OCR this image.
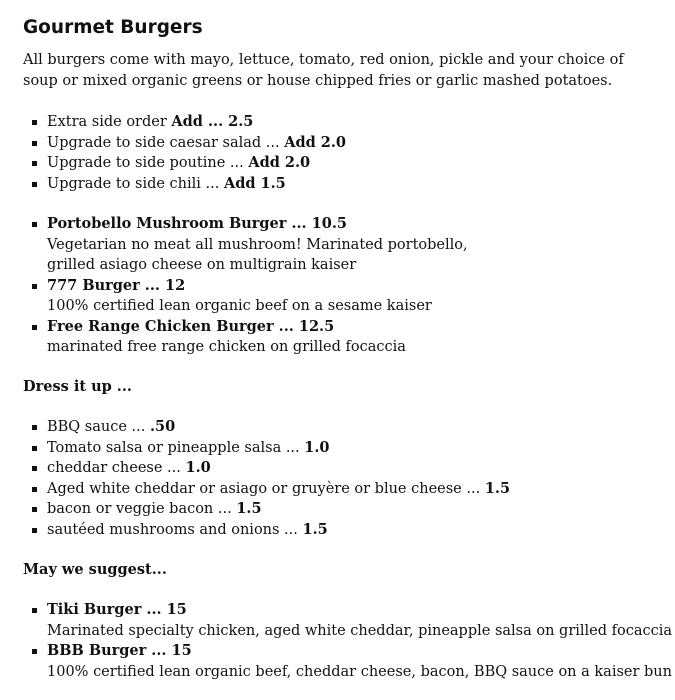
Gourmet Burgers

All burgers come with mayo, lettuce, tomato, red onion, pickle and your choice of soup or mixed organic greens or house chipped fries or garlic mashed potatoes.

Extra side order Add ... 2.5
Upgrade to side caesar salad ... Add 2.0
Upgrade to side poutine ... Add 2.0
Upgrade to side chili ... Add 1.5
Portobello Mushroom Burger ... 10.5
Vegetarian no meat all mushroom! Marinated portobello,
grilled asiago cheese on multigrain kaiser
777 Burger ... 12
100% certified lean organic beef on a sesame kaiser
Free Range Chicken Burger ... 12.5
marinated free range chicken on grilled focaccia
Dress it up ...
BBQ sauce ... .50
Tomato salsa or pineapple salsa ... 1.0
cheddar cheese ... 1.0
Aged white cheddar or asiago or gruyère or blue cheese ... 1.5
bacon or veggie bacon ... 1.5
sautéed mushrooms and onions ... 1.5
May we suggest...
Tiki Burger ... 15
Marinated specialty chicken, aged white cheddar, pineapple salsa on grilled focaccia
BBB Burger ... 15
100% certified lean organic beef, cheddar cheese, bacon, BBQ sauce on a kaiser bun
